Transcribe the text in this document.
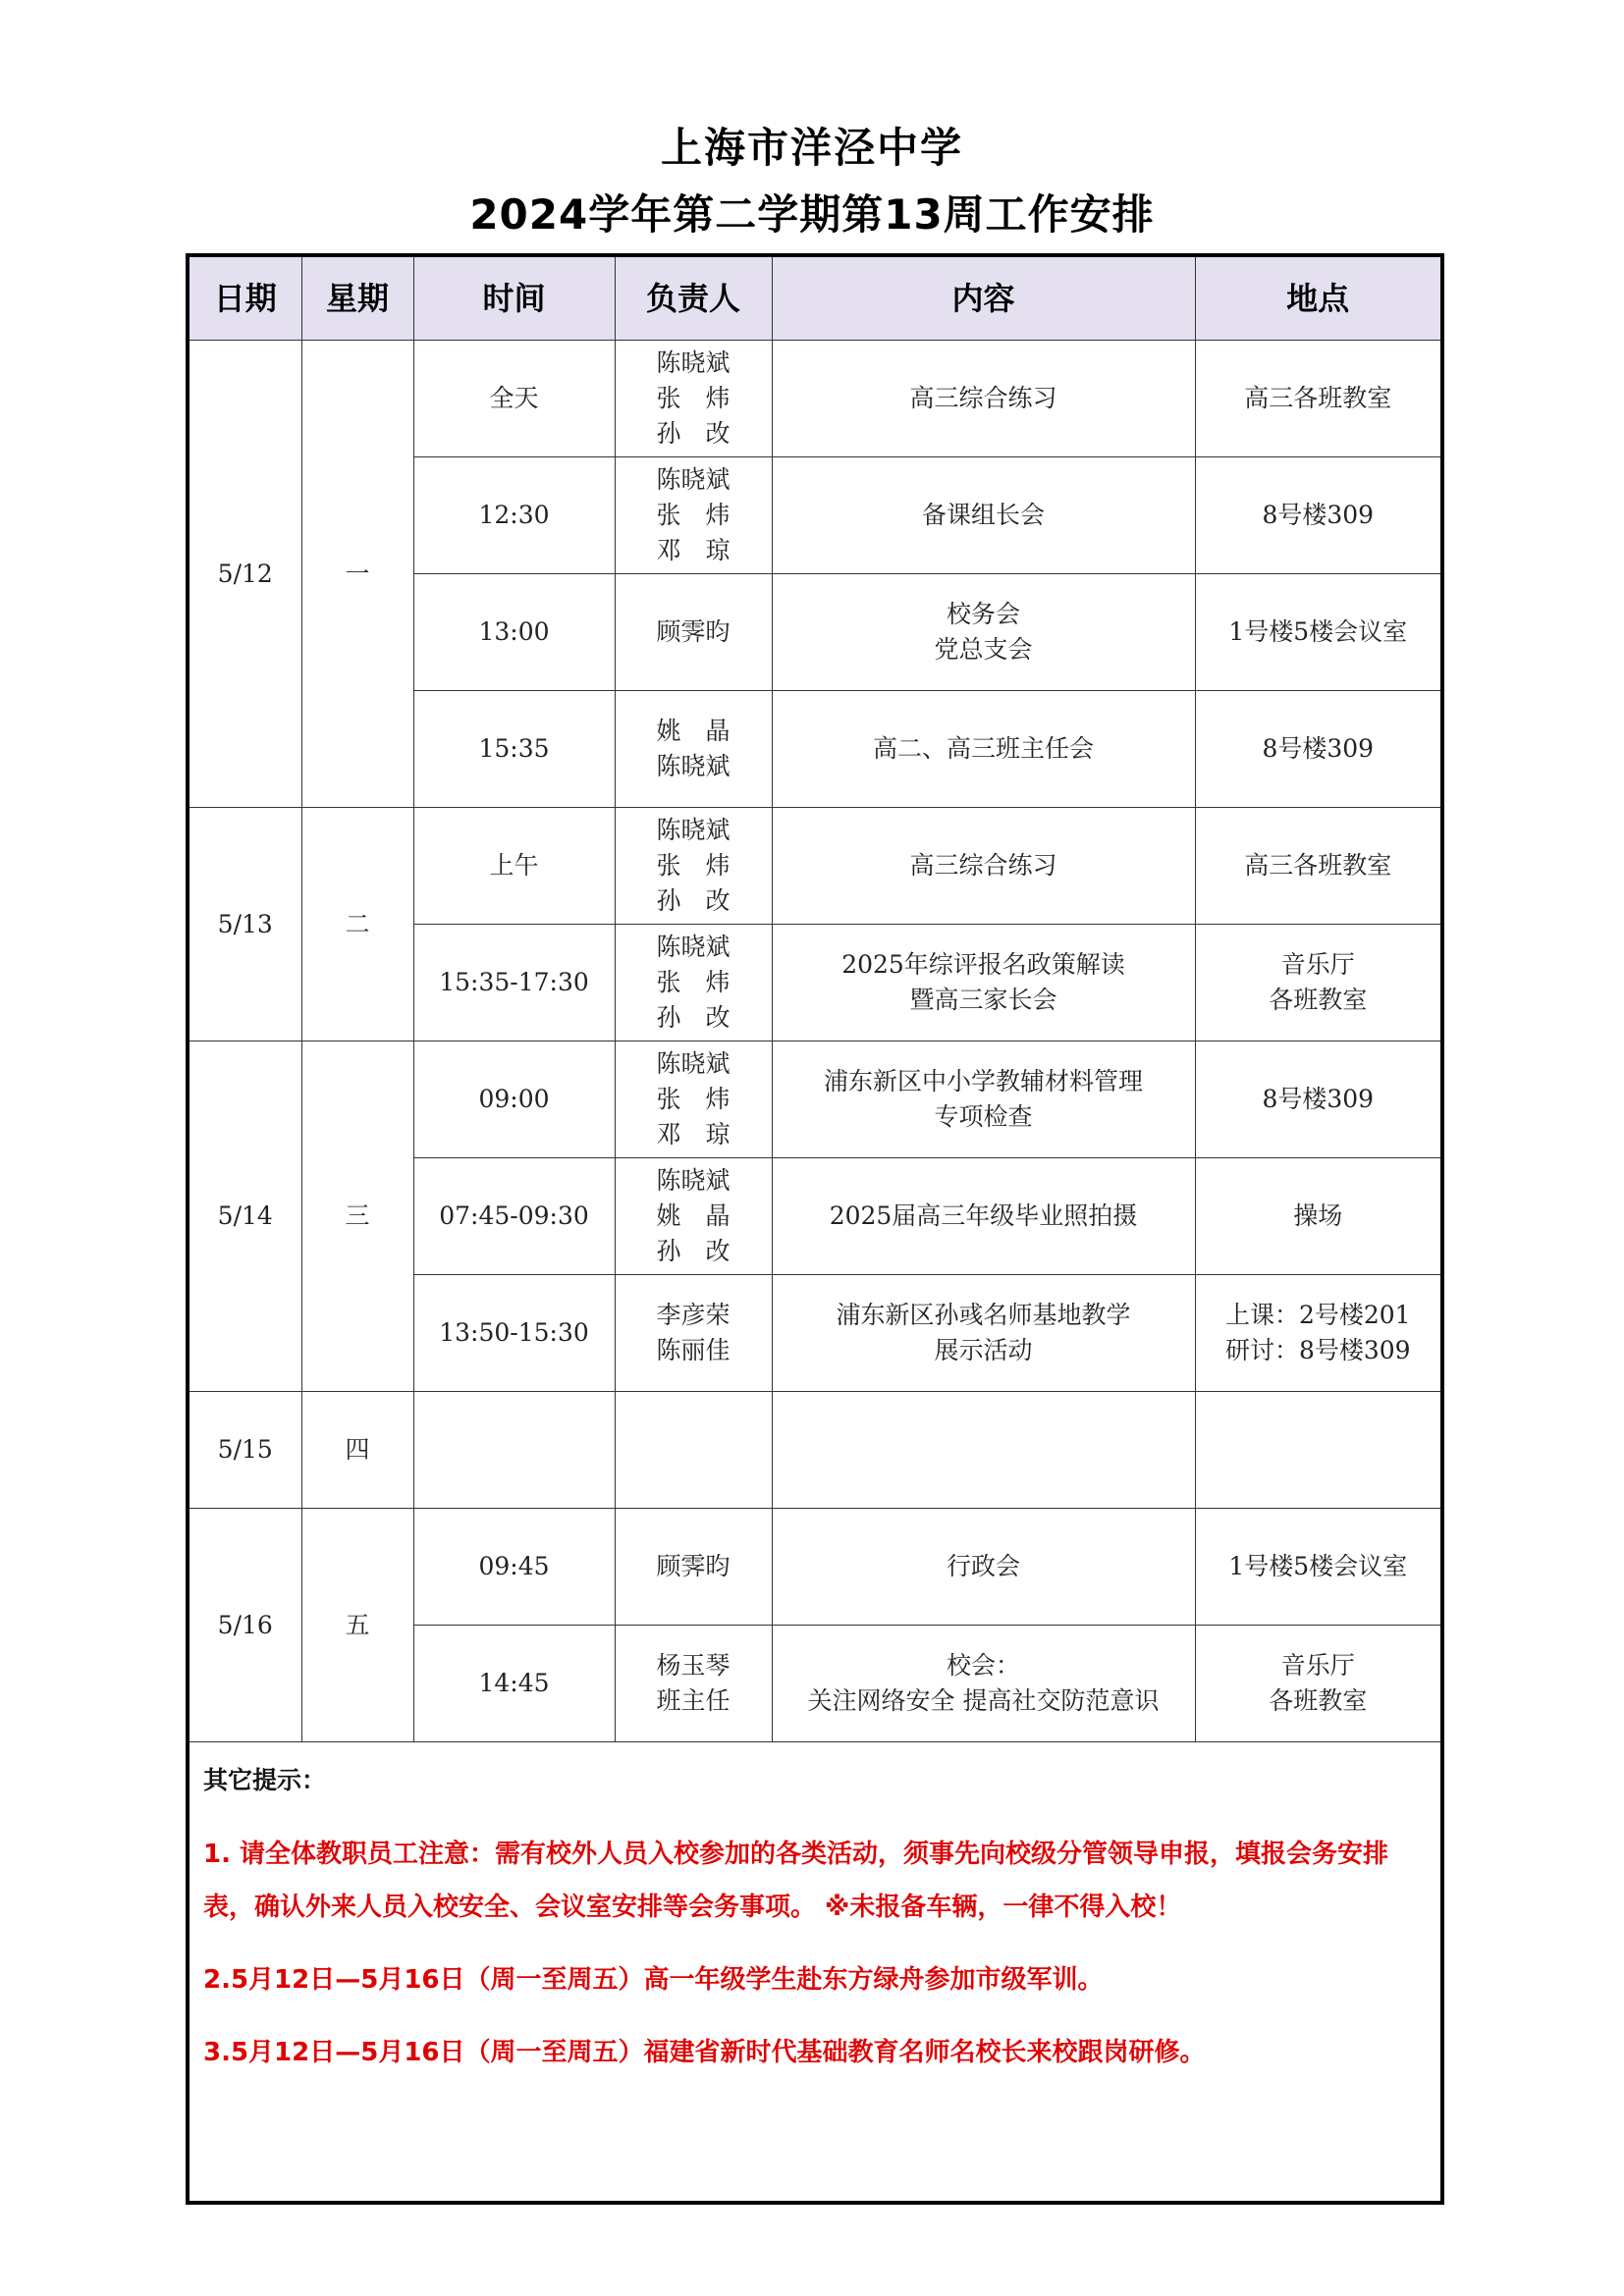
上海市洋泾中学
2024学年第二学期第13周工作安排
日期	星期	时间	负责人	内容	地点
5/12	一	全天	陈晓斌
张　炜
孙　改	高三综合练习	高三各班教室

		12:30	陈晓斌
张　炜
邓　琼	备课组长会	8号楼309

		13:00	顾霁昀	校务会
党总支会	1号楼5楼会议室

		15:35	姚　晶
陈晓斌	高二、高三班主任会	8号楼309

5/13	二	上午	陈晓斌
张　炜
孙　改	高三综合练习	高三各班教室

		15:35-17:30	陈晓斌
张　炜
孙　改	2025年综评报名政策解读
暨高三家长会	音乐厅
各班教室

5/14	三	09:00	陈晓斌
张　炜
邓　琼	浦东新区中小学教辅材料管理
专项检查	8号楼309

		07:45-09:30	陈晓斌
姚　晶
孙　改	2025届高三年级毕业照拍摄	操场

		13:50-15:30	李彦荣
陈丽佳	浦东新区孙彧名师基地教学
展示活动	上课：2号楼201
研讨：8号楼309

5/15	四				
5/16	五	09:45	顾霁昀	行政会	1号楼5楼会议室

		14:45	杨玉琴
班主任	校会：
关注网络安全 提高社交防范意识	音乐厅
各班教室
其它提示：
1. 请全体教职员工注意：需有校外人员入校参加的各类活动，须事先向校级分管领导申报，填报会务安排表，确认外来人员入校安全、会议室安排等会务事项。 ※未报备车辆，一律不得入校！
2.5月12日—5月16日（周一至周五）高一年级学生赴东方绿舟参加市级军训。
3.5月12日—5月16日（周一至周五）福建省新时代基础教育名师名校长来校跟岗研修。
